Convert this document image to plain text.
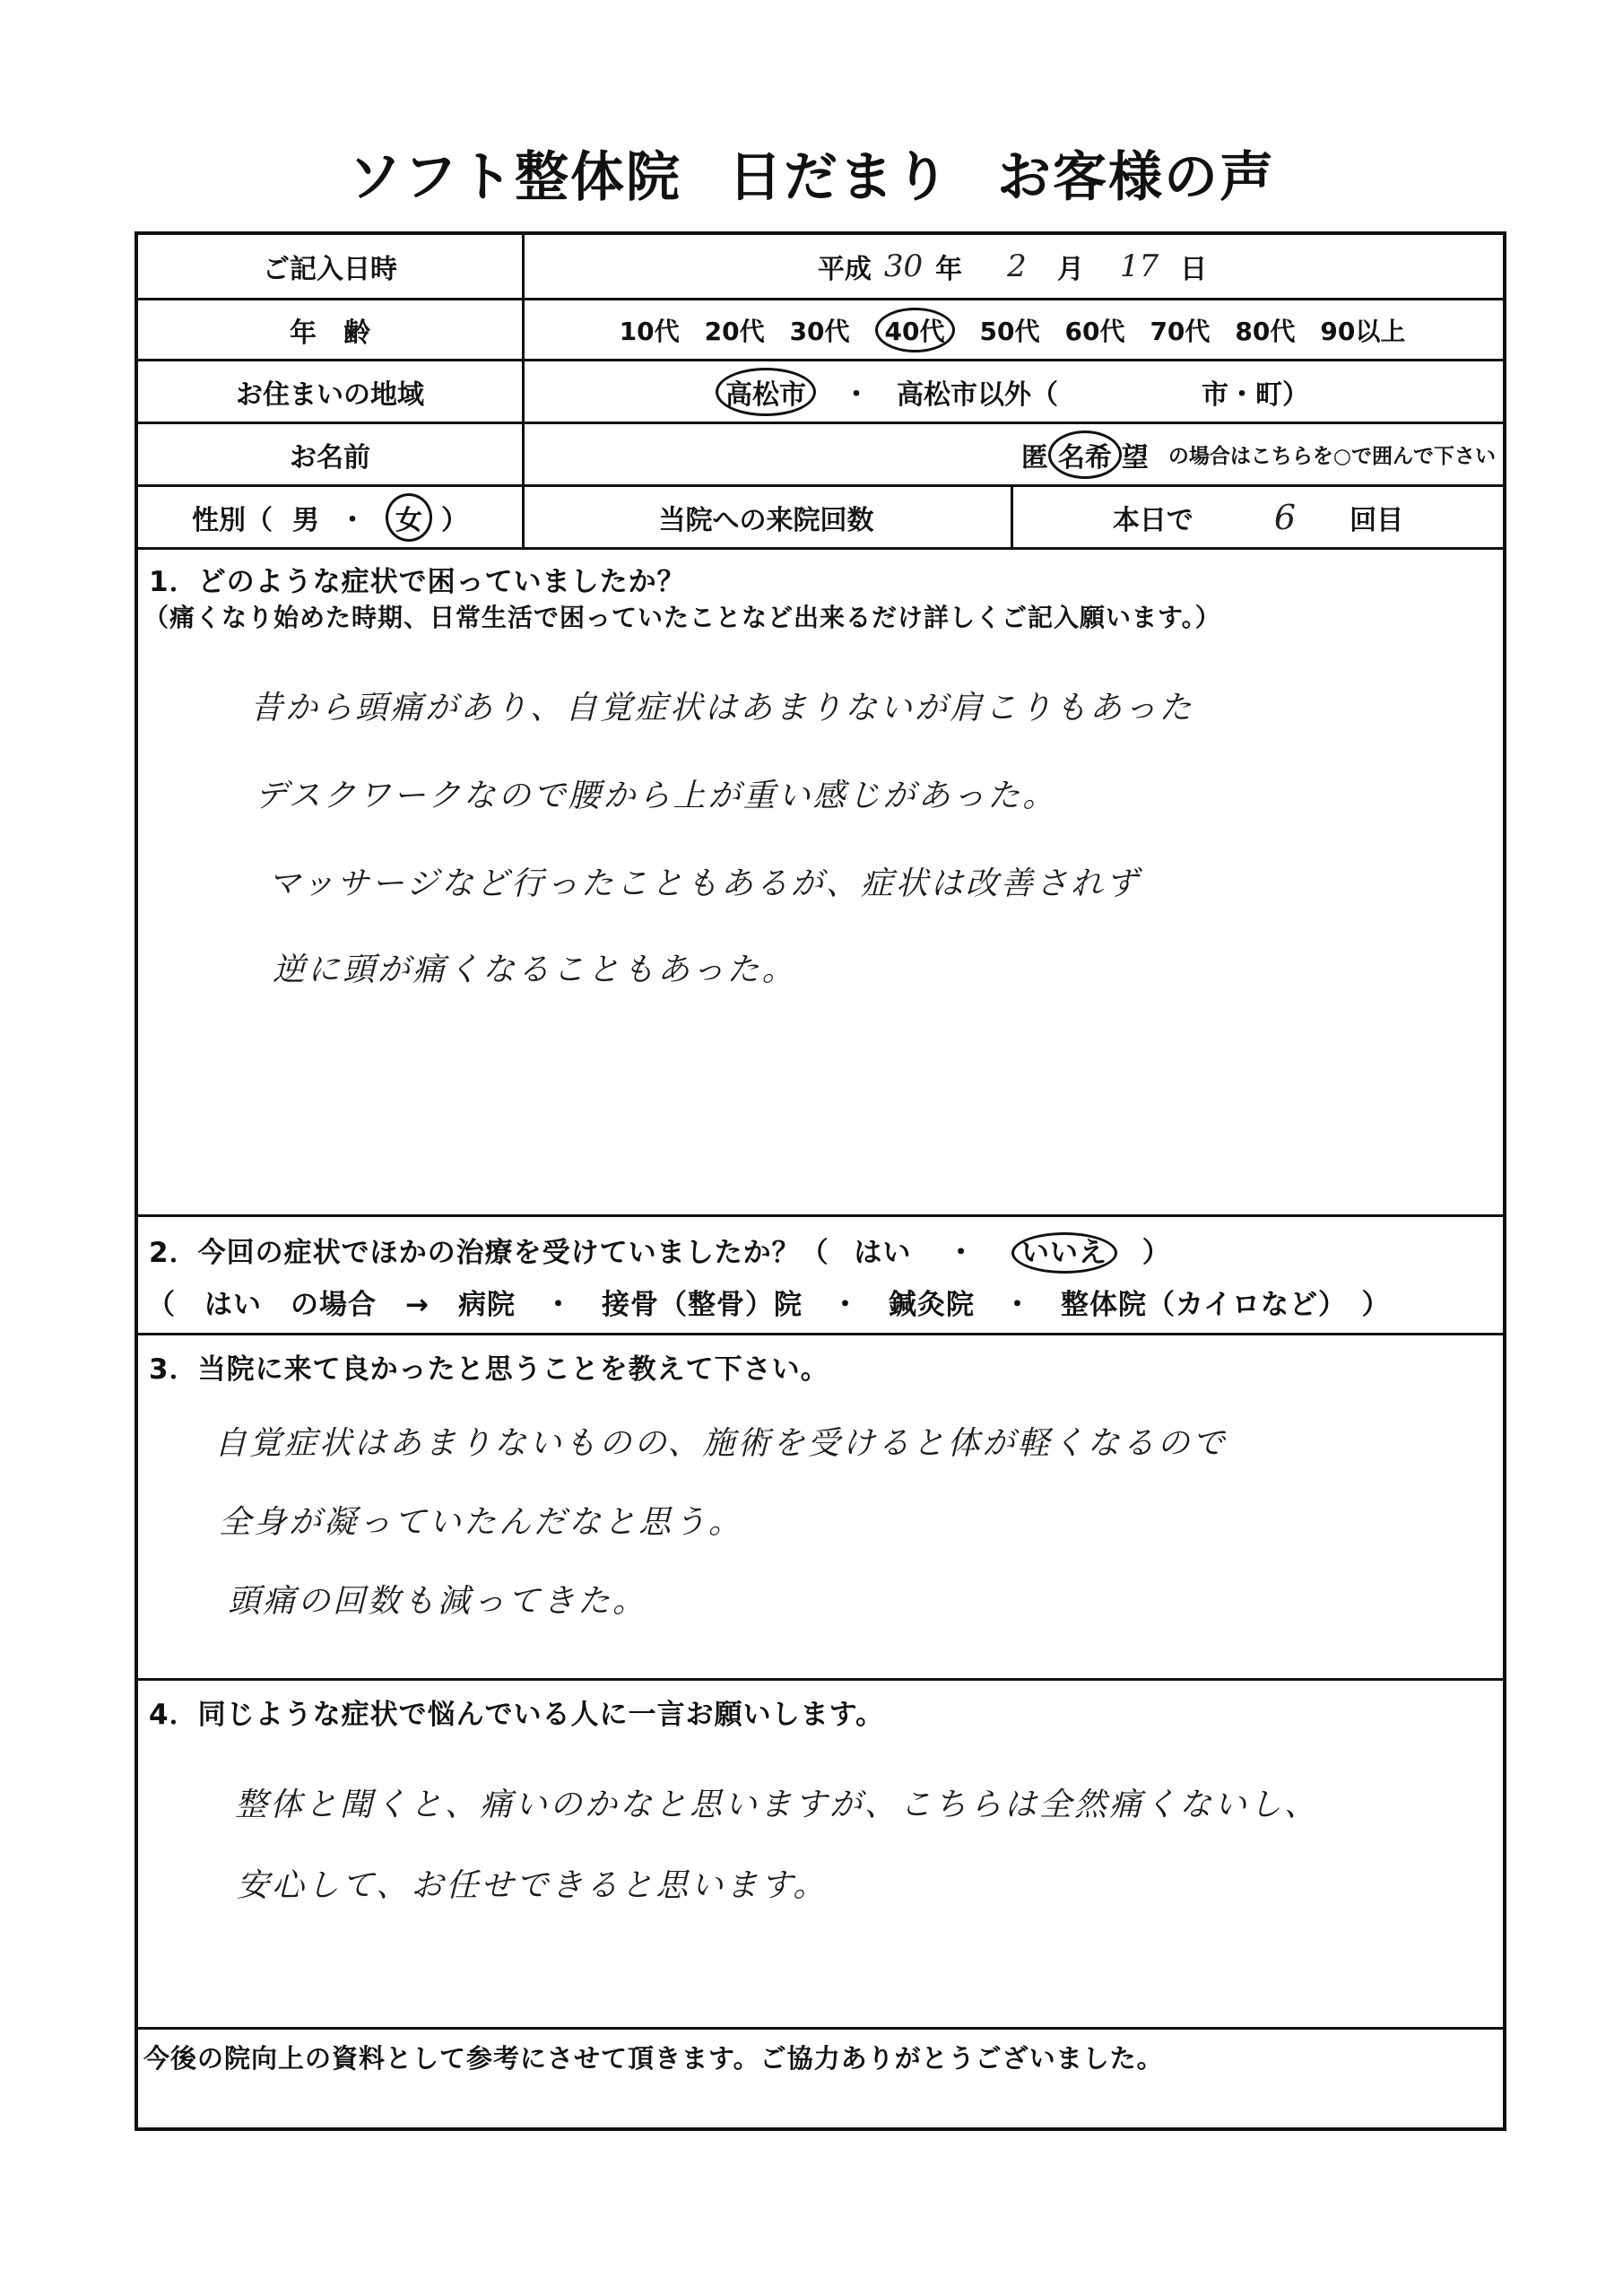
ソフト整体院 日だまり お客様の声
ご記入日時	平成 30 年 2 月 17 日
年　齢	10代 20代 30代	40代	50代 60代 70代 80代 90以上
お住まいの地域	高松市	・ 高松市以外（	市・町）
お名前	匿 名希 望 の場合はこちらを○で囲んで下さい
性別（ 男 ・	女 ）	当院への来院回数	本日で 6 回目
1．どのような症状で困っていましたか？
（痛くなり始めた時期、日常生活で困っていたことなど出来るだけ詳しくご記入願います。）
昔から頭痛があり、自覚症状はあまりないが肩こりもあった
デスクワークなので腰から上が重い感じがあった。
マッサージなど行ったこともあるが、症状は改善されず
逆に頭が痛くなることもあった。
2．今回の症状でほかの治療を受けていましたか？（ はい ・ いいえ ）
（　はい　の場合　→　病院　・　接骨（整骨）院　・　鍼灸院　・　整体院（カイロなど）　）
3．当院に来て良かったと思うことを教えて下さい。
自覚症状はあまりないものの、施術を受けると体が軽くなるので
全身が凝っていたんだなと思う。
頭痛の回数も減ってきた。
4．同じような症状で悩んでいる人に一言お願いします。
整体と聞くと、痛いのかなと思いますが、こちらは全然痛くないし、
安心して、お任せできると思います。
今後の院向上の資料として参考にさせて頂きます。ご協力ありがとうございました。
